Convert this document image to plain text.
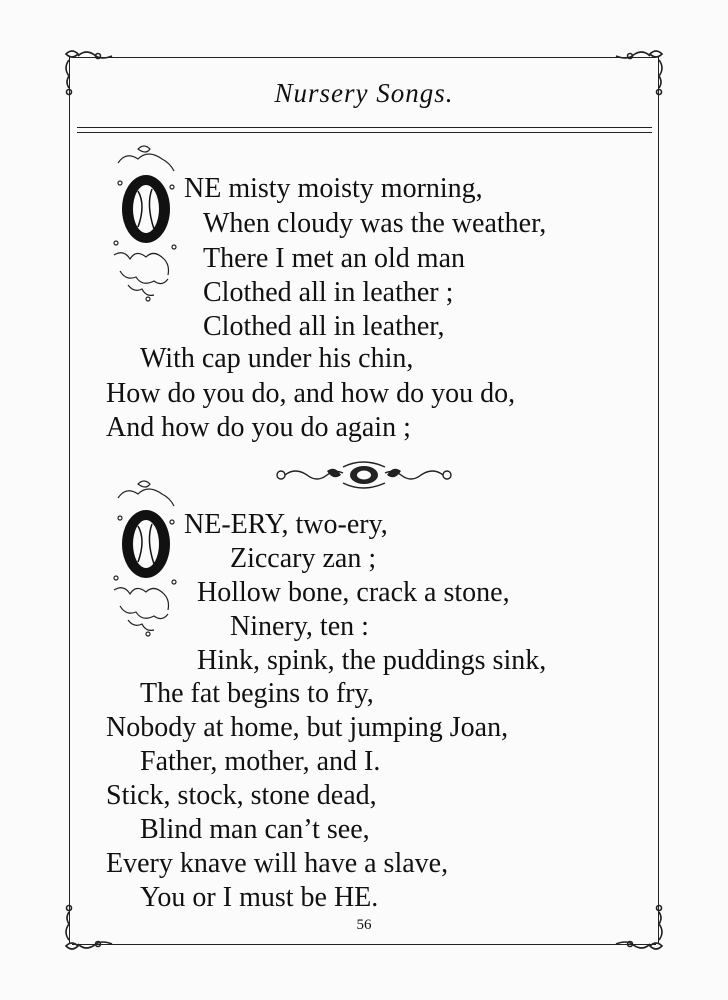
Nursery Songs.
NE misty moisty morning,
When cloudy was the weather,
There I met an old man
Clothed all in leather ;
Clothed all in leather,
With cap under his chin,
How do you do, and how do you do,
And how do you do again ;
NE-ERY, two-ery,
Ziccary zan ;
Hollow bone, crack a stone,
Ninery, ten :
Hink, spink, the puddings sink,
The fat begins to fry,
Nobody at home, but jumping Joan,
Father, mother, and I.
Stick, stock, stone dead,
Blind man can’t see,
Every knave will have a slave,
You or I must be HE.
56
